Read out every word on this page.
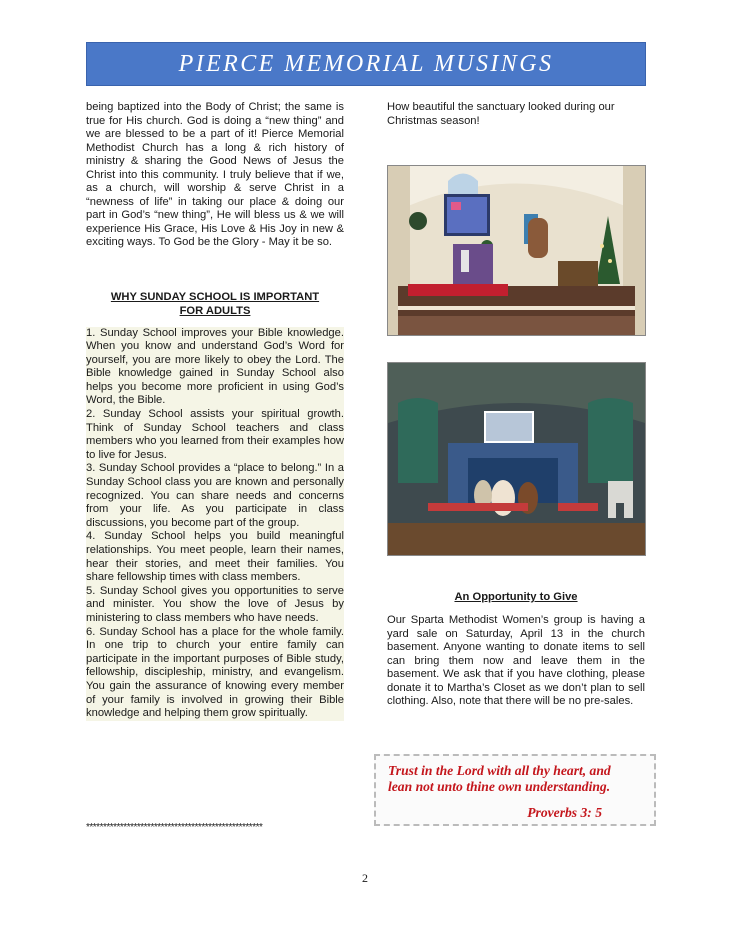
PIERCE MEMORIAL MUSINGS

being baptized into the Body of Christ; the same is true for His church. God is doing a “new thing” and we are blessed to be a part of it! Pierce Memorial Methodist Church has a long & rich history of ministry & sharing the Good News of Jesus the Christ into this community. I truly believe that if we, as a church, will worship & serve Christ in a “newness of life” in taking our place & doing our part in God’s “new thing”, He will bless us & we will experience His Grace, His Love & His Joy in new & exciting ways. To God be the Glory - May it be so.

WHY SUNDAY SCHOOL IS IMPORTANT

FOR ADULTS

1. Sunday School improves your Bible knowledge. When you know and understand God’s Word for yourself, you are more likely to obey the Lord. The Bible knowledge gained in Sunday School also helps you become more proficient in using God’s Word, the Bible.

2. Sunday School assists your spiritual growth. Think of Sunday School teachers and class members who you learned from their examples how to live for Jesus.

3. Sunday School provides a “place to belong.” In a Sunday School class you are known and personally recognized. You can share needs and concerns from your life. As you participate in class discussions, you become part of the group.

4. Sunday School helps you build meaningful relationships. You meet people, learn their names, hear their stories, and meet their families. You share fellowship times with class members.

5. Sunday School gives you opportunities to serve and minister. You show the love of Jesus by ministering to class members who have needs.

6. Sunday School has a place for the whole family. In one trip to church your entire family can participate in the important purposes of Bible study, fellowship, discipleship, ministry, and evangelism. You gain the assurance of knowing every member of your family is involved in growing their Bible knowledge and helping them grow spiritually.

****************************************************

How beautiful the sanctuary looked during our Christmas season!

An Opportunity to Give

Our Sparta Methodist Women’s group is having a yard sale on Saturday, April 13 in the church basement. Anyone wanting to donate items to sell can bring them now and leave them in the basement. We ask that if you have clothing, please donate it to Martha’s Closet as we don’t plan to sell clothing. Also, note that there will be no pre-sales.

Trust in the Lord with all thy heart, and
lean not unto thine own understanding.
Proverbs 3: 5
2
